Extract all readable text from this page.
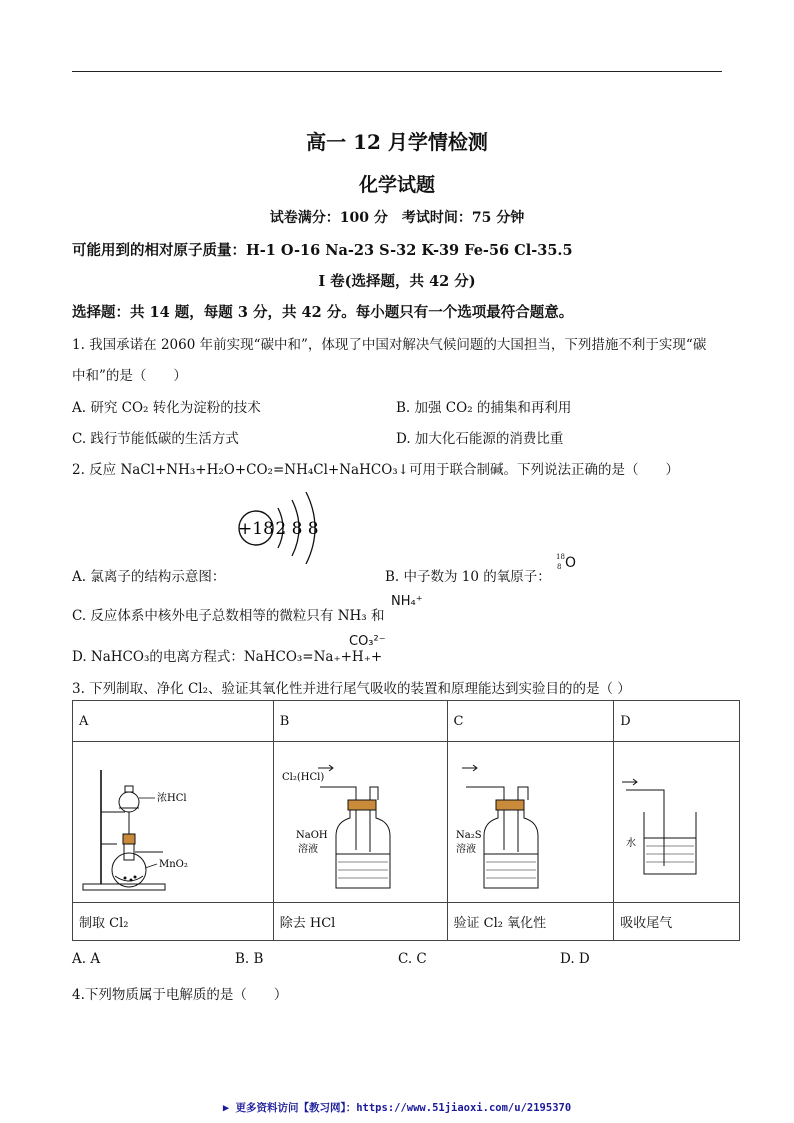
高一 12 月学情检测
化学试题
试卷满分：100 分　考试时间：75 分钟
可能用到的相对原子质量：H-1 O-16 Na-23 S-32 K-39 Fe-56 Cl-35.5
I 卷(选择题，共 42 分)
选择题：共 14 题，每题 3 分，共 42 分。每小题只有一个选项最符合题意。
1. 我国承诺在 2060 年前实现“碳中和”，体现了中国对解决气候问题的大国担当，下列措施不利于实现“碳
中和”的是（　　）
A. 研究 CO₂ 转化为淀粉的技术	B. 加强 CO₂ 的捕集和再利用
C. 践行节能低碳的生活方式	D. 加大化石能源的消费比重
2. 反应 NaCl+NH₃+H₂O+CO₂=NH₄Cl+NaHCO₃↓可用于联合制碱。下列说法正确的是（　　）
+18 2 8 8
A. 氯离子的结构示意图：	B. 中子数为 10 的氧原子：
18
8 O
C. 反应体系中核外电子总数相等的微粒只有 NH₃ 和
NH₄⁺
D. NaHCO₃的电离方程式：NaHCO₃=Na₊+H₊+
CO₃²⁻
3. 下列制取、净化 Cl₂、验证其氧化性并进行尾气吸收的装置和原理能达到实验目的的是（ ）
A	B	C	D

浓HCl
MnO₂	Cl₂(HCl)
NaOH
溶液	Na₂S
溶液	水

制取 Cl₂	除去 HCl	验证 Cl₂ 氧化性	吸收尾气
A. A	B. B	C. C	D. D
4.下列物质属于电解质的是（　　）
▶ 更多资料访问【教习网】：https://www.51jiaoxi.com/u/2195370
